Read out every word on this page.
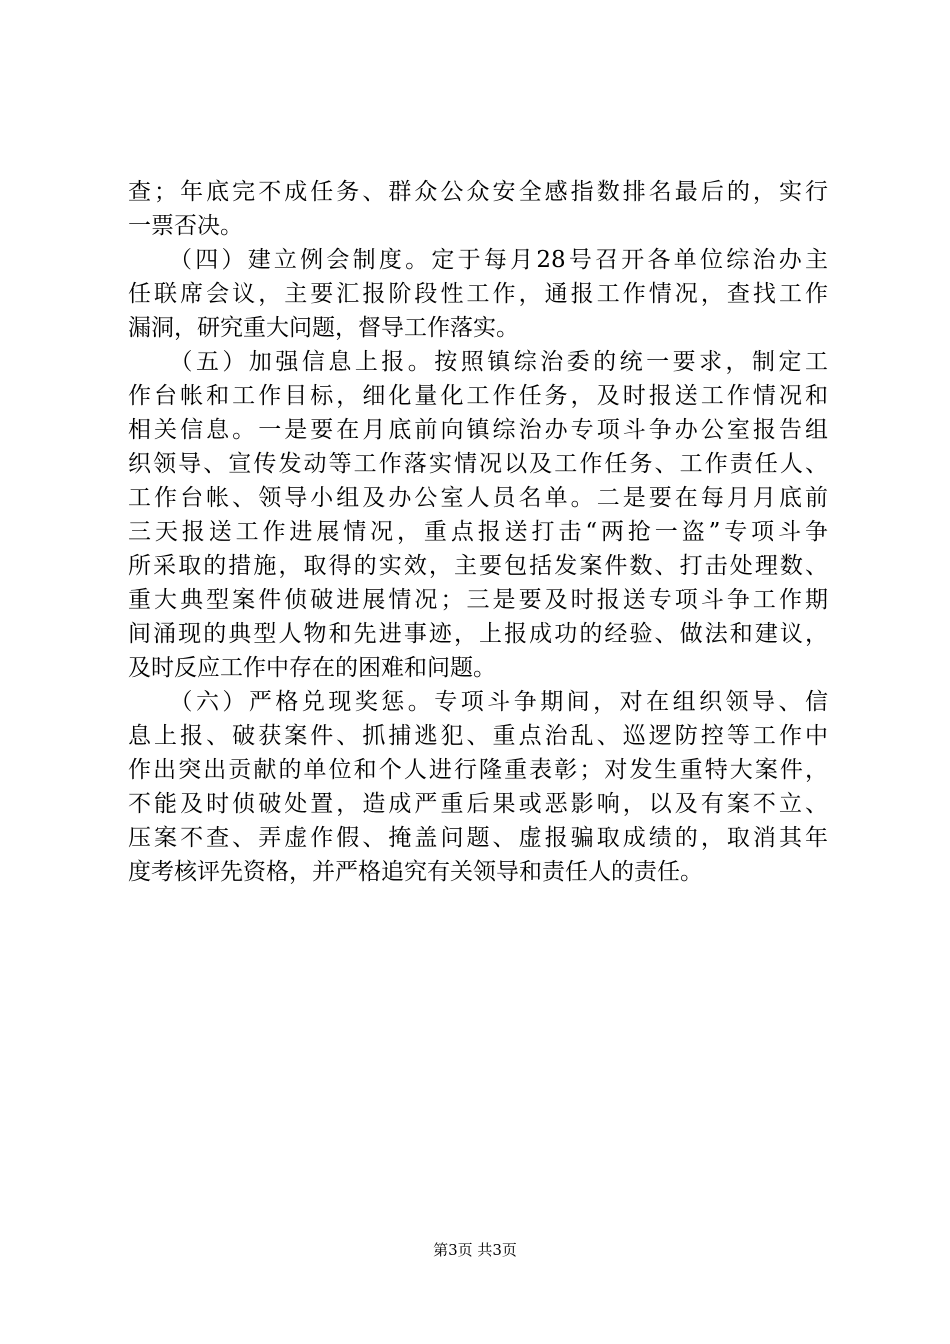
查；年底完不成任务、群众公众安全感指数排名最后的，实行
一票否决。
　　（四）建立例会制度。定于每月28号召开各单位综治办主
任联席会议，主要汇报阶段性工作，通报工作情况，查找工作
漏洞，研究重大问题，督导工作落实。
　　（五）加强信息上报。按照镇综治委的统一要求，制定工
作台帐和工作目标，细化量化工作任务，及时报送工作情况和
相关信息。一是要在月底前向镇综治办专项斗争办公室报告组
织领导、宣传发动等工作落实情况以及工作任务、工作责任人、
工作台帐、领导小组及办公室人员名单。二是要在每月月底前
三天报送工作进展情况，重点报送打击“两抢一盗”专项斗争
所采取的措施，取得的实效，主要包括发案件数、打击处理数、
重大典型案件侦破进展情况；三是要及时报送专项斗争工作期
间涌现的典型人物和先进事迹，上报成功的经验、做法和建议，
及时反应工作中存在的困难和问题。
　　（六）严格兑现奖惩。专项斗争期间，对在组织领导、信
息上报、破获案件、抓捕逃犯、重点治乱、巡逻防控等工作中
作出突出贡献的单位和个人进行隆重表彰；对发生重特大案件，
不能及时侦破处置，造成严重后果或恶影响，以及有案不立、
压案不查、弄虚作假、掩盖问题、虚报骗取成绩的，取消其年
度考核评先资格，并严格追究有关领导和责任人的责任。
第3页 共3页
